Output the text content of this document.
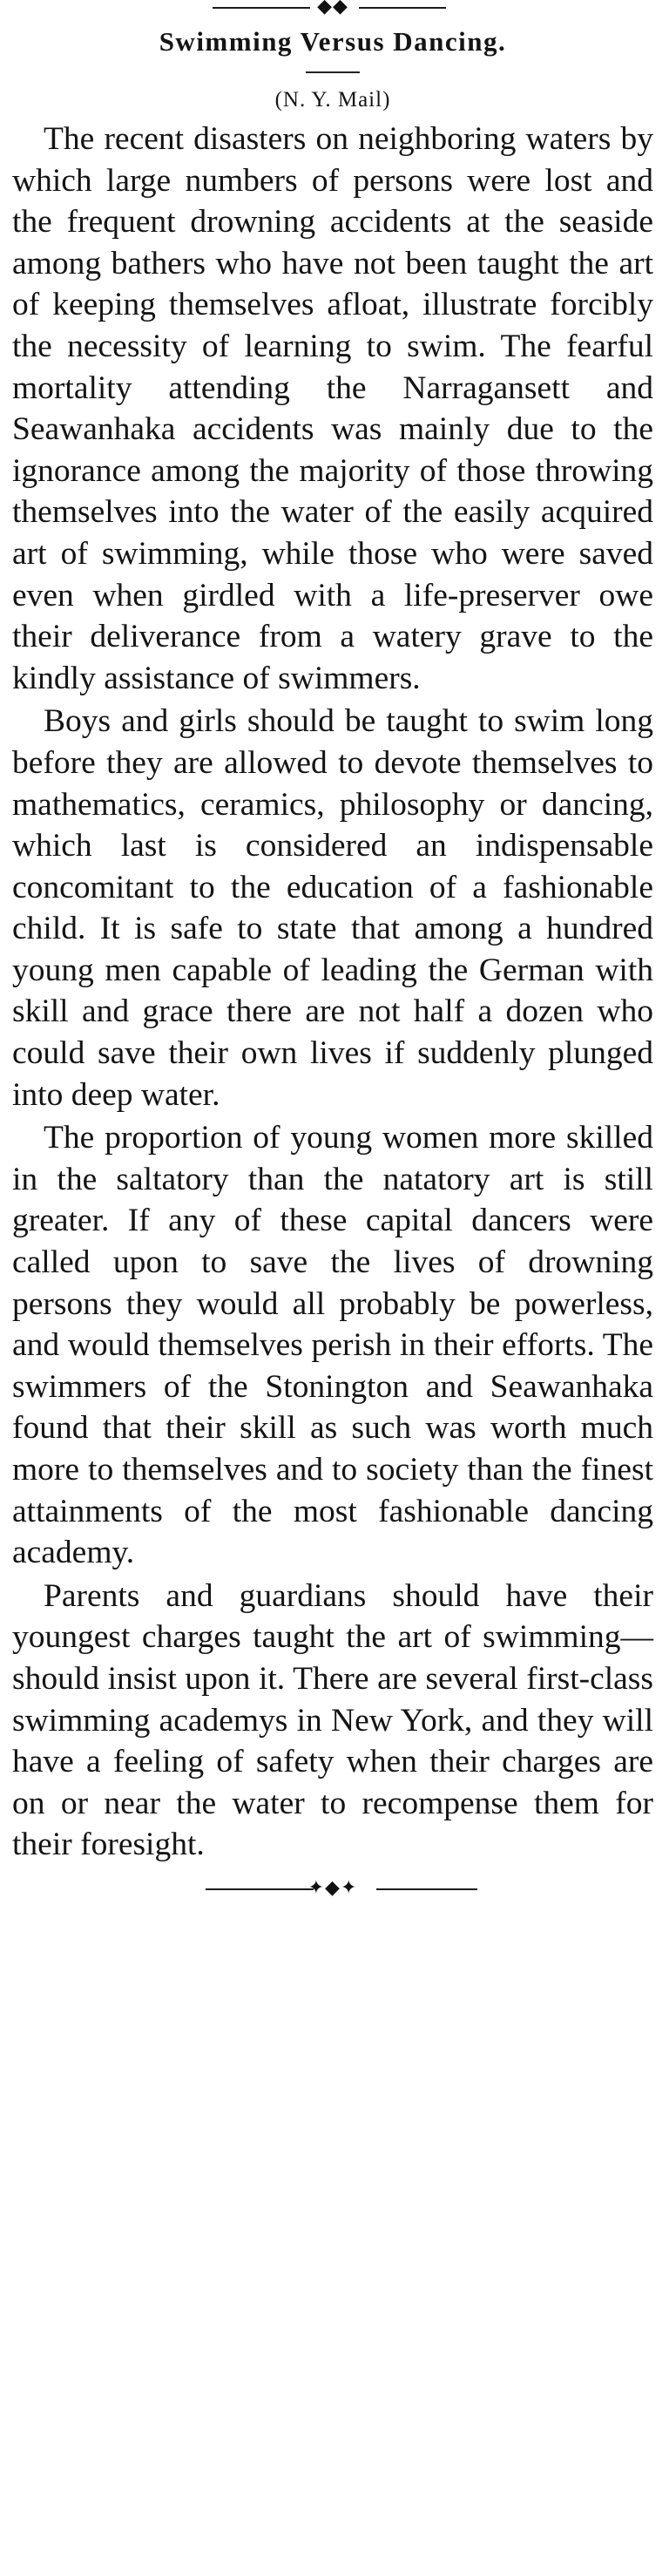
◆◆
Swimming Versus Dancing.
(N. Y. Mail)

The recent disasters on neighboring waters by which large numbers of persons were lost and the frequent drowning accidents at the seaside among bathers who have not been taught the art of keeping themselves afloat, illustrate forcibly the necessity of learning to swim. The fearful mortality attending the Narragansett and Seawanhaka accidents was mainly due to the ignorance among the majority of those throwing themselves into the water of the easily acquired art of swimming, while those who were saved even when girdled with a life-preserver owe their deliverance from a watery grave to the kindly assistance of swimmers.

Boys and girls should be taught to swim long before they are allowed to devote themselves to mathematics, ceramics, philosophy or dancing, which last is considered an indispensable concomitant to the education of a fashionable child. It is safe to state that among a hundred young men capable of leading the German with skill and grace there are not half a dozen who could save their own lives if suddenly plunged into deep water.

The proportion of young women more skilled in the saltatory than the natatory art is still greater. If any of these capital dancers were called upon to save the lives of drowning persons they would all probably be powerless, and would themselves perish in their efforts. The swimmers of the Stonington and Seawanhaka found that their skill as such was worth much more to themselves and to society than the finest attainments of the most fashionable dancing academy.

Parents and guardians should have their youngest charges taught the art of swimming—should insist upon it. There are several first-class swimming academys in New York, and they will have a feeling of safety when their charges are on or near the water to recompense them for their foresight.

✦◆✦
